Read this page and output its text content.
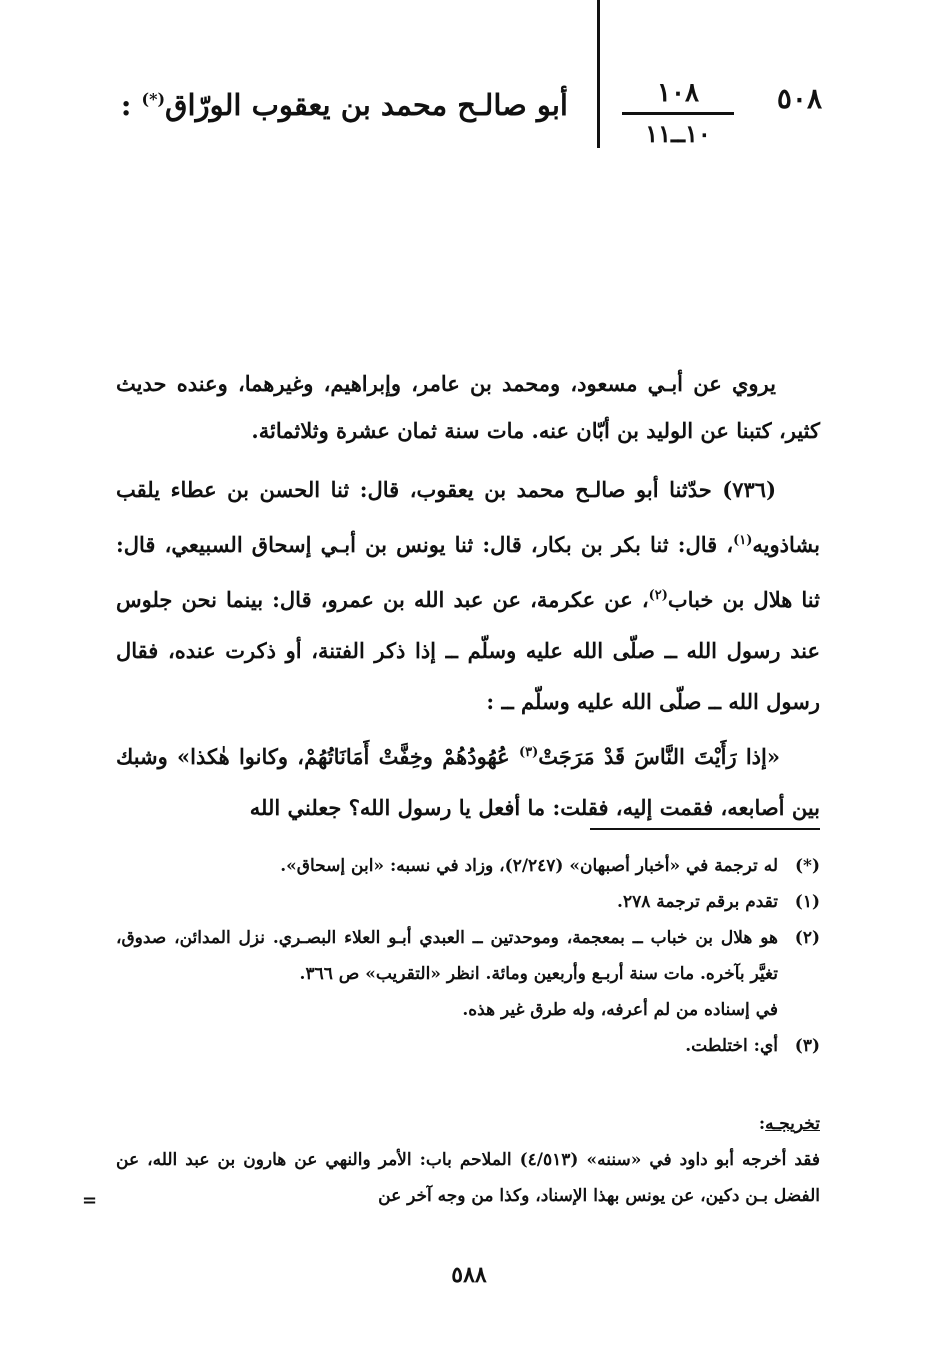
٥٠٨
١٠٨
١٠ــ١١
أبو صالـح محمد بن يعقوب الورّاق(*) :

يروي عن أبـي مسعود، ومحمد بن عامر، وإبراهيم، وغيرهما، وعنده حديث كثير، كتبنا عن الوليد بن أبّان عنه. مات سنة ثمان عشرة وثلاثمائة.

(٧٣٦) حدّثنا أبو صالـح محمد بن يعقوب، قال: ثنا الحسن بن عطاء يلقب بشاذويه$^{(١)}$، قال: ثنا بكر بن بكار، قال: ثنا يونس بن أبـي إسحاق السبيعي، قال: ثنا هلال بن خباب$^{(٢)}$، عن عكرمة، عن عبد الله بن عمرو، قال: بينما نحن جلوس عند رسول الله ــ صلّى الله عليه وسلّم ــ إذا ذكر الفتنة، أو ذكرت عنده، فقال رسول الله ــ صلّى الله عليه وسلّم ــ :

«إذا رَأَيْتَ النَّاسَ قَدْ مَرَجَتْ$^{(٣)}$ عُهُودُهُمْ وخِفَّتْ أَمَانَاتُهُمْ، وكانوا هٰكذا» وشبك بين أصابعه، فقمت إليه، فقلت: ما أفعل يا رسول الله؟ جعلني الله

(*)
له ترجمة في «أخبار أصبهان» (٢/٢٤٧)، وزاد في نسبه: «ابن إسحاق».
(١)
تقدم برقم ترجمة ٢٧٨.
(٢)
هو هلال بن خباب ــ بمعجمة، وموحدتين ــ العبدي أبـو العلاء البصـري. نزل المدائن، صدوق، تغيَّر بآخره. مات سنة أربـع وأربعين ومائة. انظر «التقريب» ص ٣٦٦.
في إسناده من لم أعرفه، وله طرق غير هذه.
(٣)
أي: اختلطت.
تخريجـه:
فقد أخرجه أبو داود في «سننه» (٤/٥١٣) الملاحم باب: الأمر والنهي عن هارون بن عبد الله، عن الفضل بـن دكين، عن يونس بهذا الإسناد، وكذا من وجه آخر عن
=
٥٨٨
